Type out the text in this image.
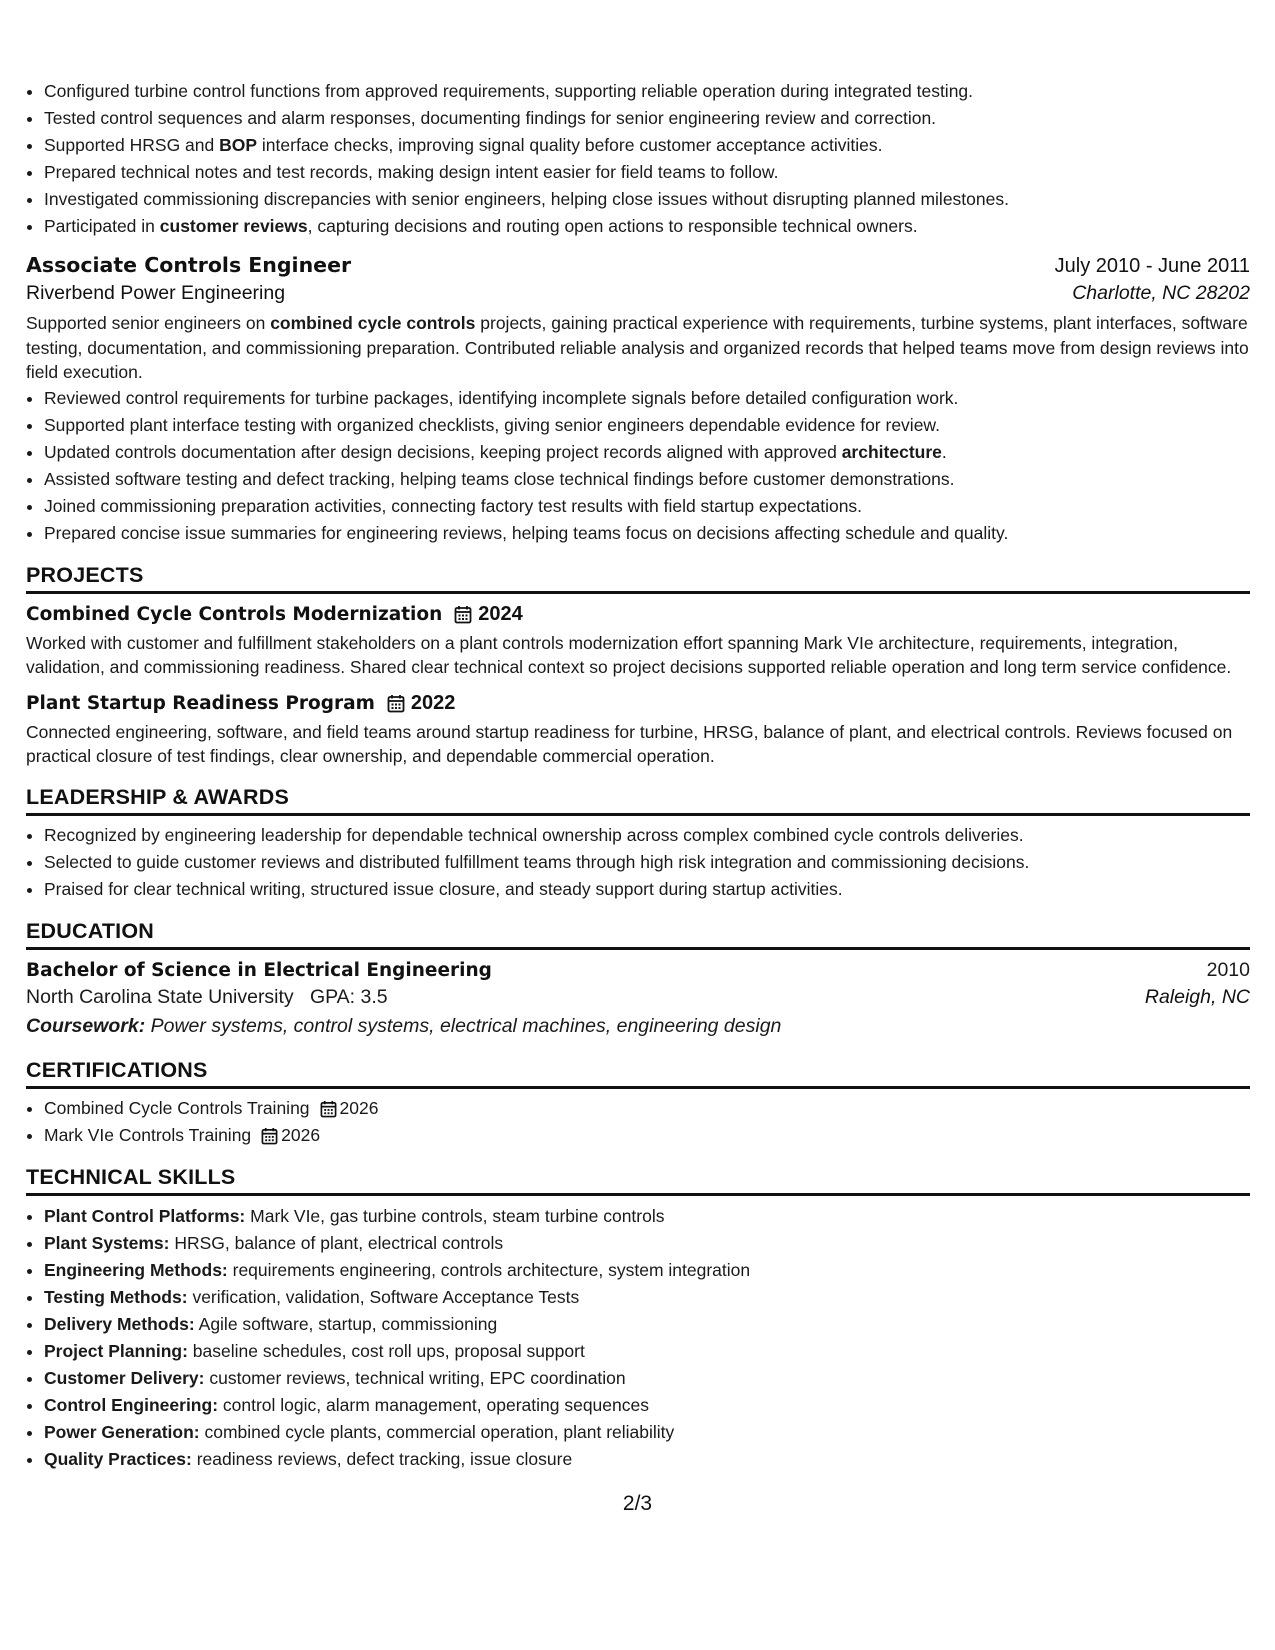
• Configured turbine control functions from approved requirements, supporting reliable operation during integrated testing.
• Tested control sequences and alarm responses, documenting findings for senior engineering review and correction.
• Supported HRSG and BOP interface checks, improving signal quality before customer acceptance activities.
• Prepared technical notes and test records, making design intent easier for field teams to follow.
• Investigated commissioning discrepancies with senior engineers, helping close issues without disrupting planned milestones.
• Participated in customer reviews, capturing decisions and routing open actions to responsible technical owners.
Associate Controls Engineer	July 2010 - June 2011
Riverbend Power Engineering	Charlotte, NC 28202

Supported senior engineers on combined cycle controls projects, gaining practical experience with requirements, turbine systems, plant interfaces, software testing, documentation, and commissioning preparation. Contributed reliable analysis and organized records that helped teams move from design reviews into field execution.

• Reviewed control requirements for turbine packages, identifying incomplete signals before detailed configuration work.
• Supported plant interface testing with organized checklists, giving senior engineers dependable evidence for review.
• Updated controls documentation after design decisions, keeping project records aligned with approved architecture.
• Assisted software testing and defect tracking, helping teams close technical findings before customer demonstrations.
• Joined commissioning preparation activities, connecting factory test results with field startup expectations.
• Prepared concise issue summaries for engineering reviews, helping teams focus on decisions affecting schedule and quality.
PROJECTS
Combined Cycle Controls Modernization 2024

Worked with customer and fulfillment stakeholders on a plant controls modernization effort spanning Mark VIe architecture, requirements, integration, validation, and commissioning readiness. Shared clear technical context so project decisions supported reliable operation and long term service confidence.

Plant Startup Readiness Program 2022

Connected engineering, software, and field teams around startup readiness for turbine, HRSG, balance of plant, and electrical controls. Reviews focused on practical closure of test findings, clear ownership, and dependable commercial operation.

LEADERSHIP & AWARDS
• Recognized by engineering leadership for dependable technical ownership across complex combined cycle controls deliveries.
• Selected to guide customer reviews and distributed fulfillment teams through high risk integration and commissioning decisions.
• Praised for clear technical writing, structured issue closure, and steady support during startup activities.
EDUCATION
Bachelor of Science in Electrical Engineering	2010
North Carolina State University GPA: 3.5	Raleigh, NC
Coursework: Power systems, control systems, electrical machines, engineering design
CERTIFICATIONS
• Combined Cycle Controls Training 2026
• Mark VIe Controls Training 2026
TECHNICAL SKILLS
• Plant Control Platforms: Mark VIe, gas turbine controls, steam turbine controls
• Plant Systems: HRSG, balance of plant, electrical controls
• Engineering Methods: requirements engineering, controls architecture, system integration
• Testing Methods: verification, validation, Software Acceptance Tests
• Delivery Methods: Agile software, startup, commissioning
• Project Planning: baseline schedules, cost roll ups, proposal support
• Customer Delivery: customer reviews, technical writing, EPC coordination
• Control Engineering: control logic, alarm management, operating sequences
• Power Generation: combined cycle plants, commercial operation, plant reliability
• Quality Practices: readiness reviews, defect tracking, issue closure
2/3
